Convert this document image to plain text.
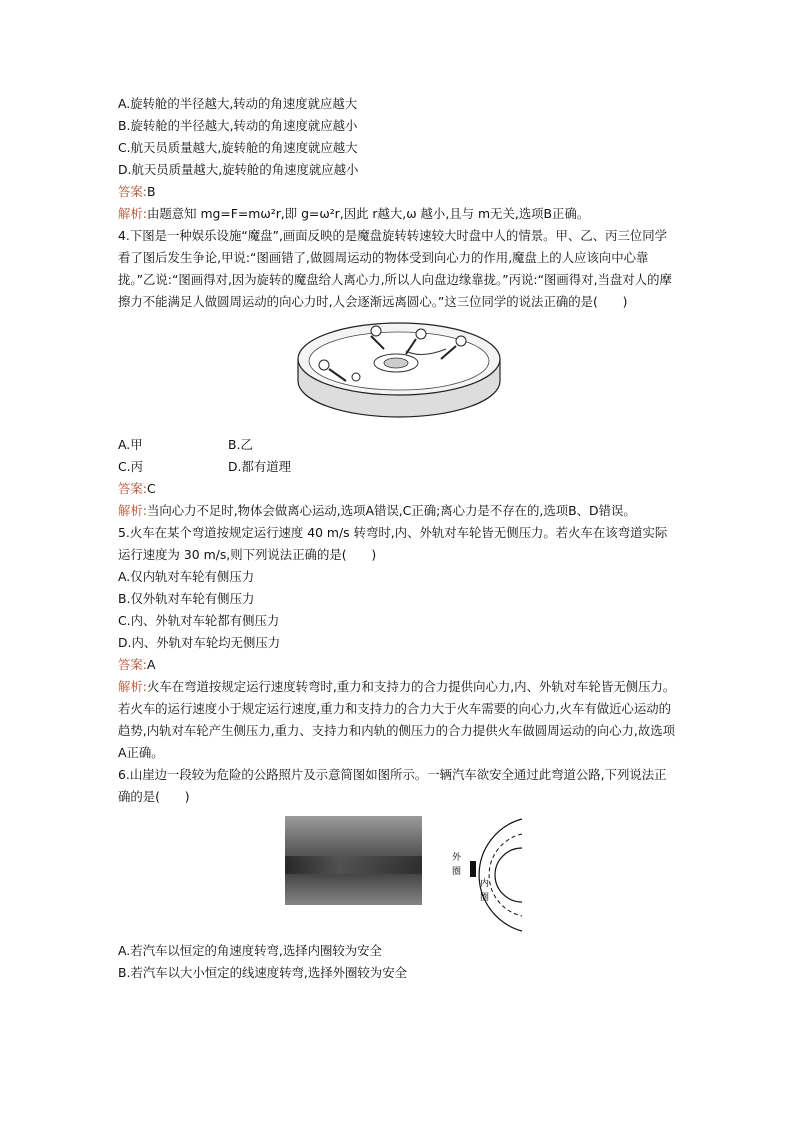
A.旋转舱的半径越大,转动的角速度就应越大
B.旋转舱的半径越大,转动的角速度就应越小
C.航天员质量越大,旋转舱的角速度就应越大
D.航天员质量越大,旋转舱的角速度就应越小
答案:B
解析:由题意知 mg=F=mω²r,即 g=ω²r,因此 r越大,ω 越小,且与 m无关,选项B正确。
4.下图是一种娱乐设施“魔盘”,画面反映的是魔盘旋转转速较大时盘中人的情景。甲、乙、丙三位同学看了图后发生争论,甲说:“图画错了,做圆周运动的物体受到向心力的作用,魔盘上的人应该向中心靠拢。”乙说:“图画得对,因为旋转的魔盘给人离心力,所以人向盘边缘靠拢。”丙说:“图画得对,当盘对人的摩擦力不能满足人做圆周运动的向心力时,人会逐渐远离圆心。”这三位同学的说法正确的是(　　)
A.甲	B.乙
C.丙	D.都有道理
答案:C
解析:当向心力不足时,物体会做离心运动,选项A错误,C正确;离心力是不存在的,选项B、D错误。
5.火车在某个弯道按规定运行速度 40 m/s 转弯时,内、外轨对车轮皆无侧压力。若火车在该弯道实际运行速度为 30 m/s,则下列说法正确的是(　　)
A.仅内轨对车轮有侧压力
B.仅外轨对车轮有侧压力
C.内、外轨对车轮都有侧压力
D.内、外轨对车轮均无侧压力
答案:A
解析:火车在弯道按规定运行速度转弯时,重力和支持力的合力提供向心力,内、外轨对车轮皆无侧压力。若火车的运行速度小于规定运行速度,重力和支持力的合力大于火车需要的向心力,火车有做近心运动的趋势,内轨对车轮产生侧压力,重力、支持力和内轨的侧压力的合力提供火车做圆周运动的向心力,故选项A正确。
6.山崖边一段较为危险的公路照片及示意简图如图所示。一辆汽车欲安全通过此弯道公路,下列说法正确的是(　　)
外
圈
内
圈
A.若汽车以恒定的角速度转弯,选择内圈较为安全
B.若汽车以大小恒定的线速度转弯,选择外圈较为安全
